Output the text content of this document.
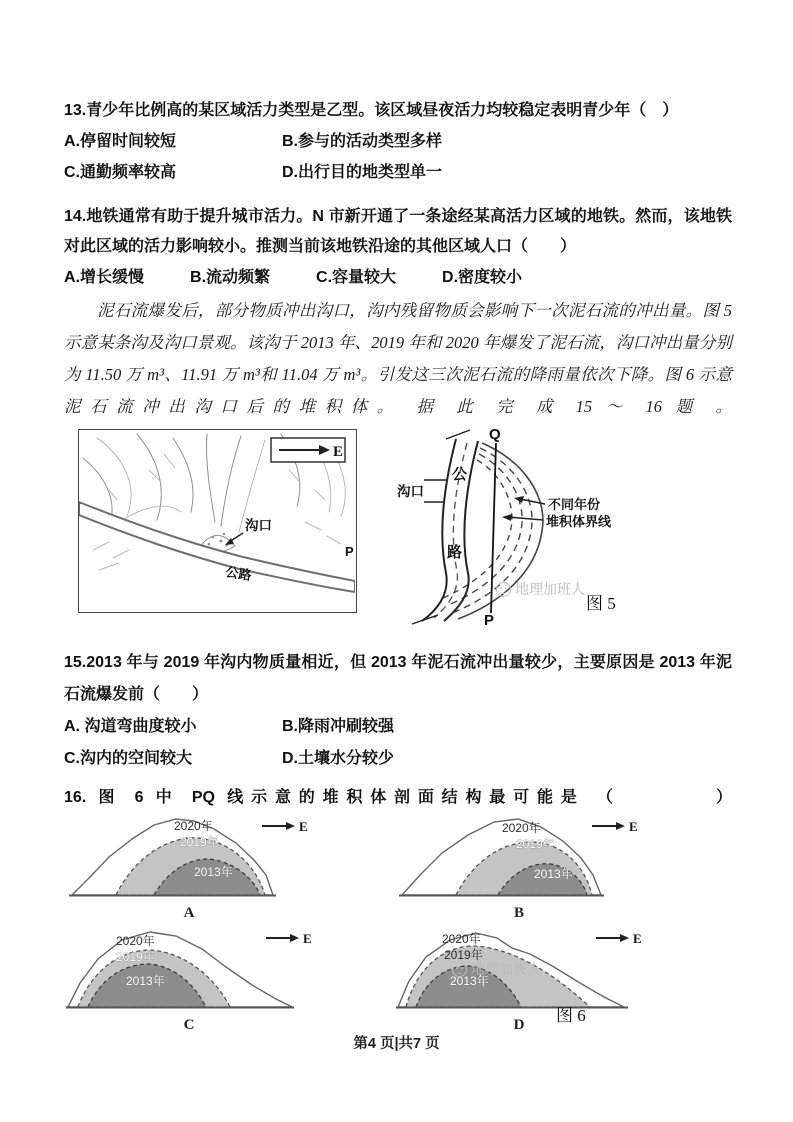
13.青少年比例高的某区域活力类型是乙型。该区域昼夜活力均较稳定表明青少年（　）
A.停留时间较短	B.参与的活动类型多样
C.通勤频率较高	D.出行目的地类型单一
14.地铁通常有助于提升城市活力。N 市新开通了一条途经某高活力区域的地铁。然而，该地铁对此区域的活力影响较小。推测当前该地铁沿途的其他区域人口（　　）
A.增长缓慢	B.流动频繁	C.容量较大	D.密度较小

泥石流爆发后，部分物质冲出沟口，沟内残留物质会影响下一次泥石流的冲出量。图 5 示意某条沟及沟口景观。该沟于 2013 年、2019 年和 2020 年爆发了泥石流，沟口冲出量分别为 11.50 万 m³、11.91 万 m³和 11.04 万 m³。引发这三次泥石流的降雨量依次下降。图 6 示意泥石流冲出沟口后的堆积体。 据 此 完 成 15 ～ 16 题 。

E
沟口
公路
P
公
路
沟口
Q
P
不同年份
堆积体界线
地理加班人
图 5
15.2013 年与 2019 年沟内物质量相近，但 2013 年泥石流冲出量较少，主要原因是 2013 年泥石流爆发前（　　）
A. 沟道弯曲度较小	B.降雨冲刷较强
C.沟内的空间较大	D.土壤水分较少
16. 图 6 中 PQ 线示意的堆积体剖面结构最可能是 （　　　　）
2020年
2019年
2013年
E
A
2020年
2019年
2013年
E
B
2020年
2019年
2013年
E
C
2020年
2019年
2013年
E
D
地理加班人
图 6
第4 页|共7 页
